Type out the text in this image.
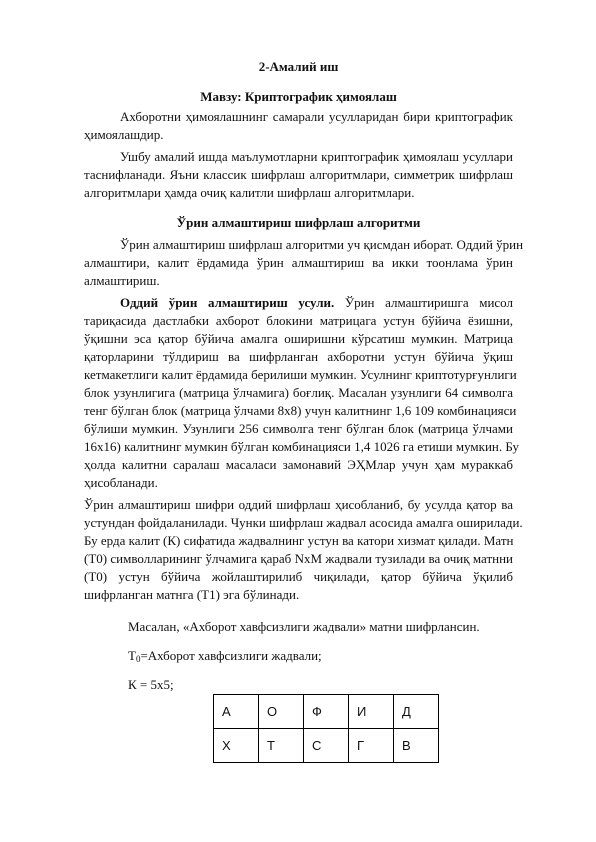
2-Амалий иш
Мавзу: Криптографик ҳимоялаш
Ахборотни ҳимоялашнинг самарали усулларидан бири криптографик
ҳимоялашдир.
Ушбу амалий ишда маълумотларни криптографик ҳимоялаш усуллари
таснифланади. Яъни классик шифрлаш алгоритмлари, симметрик шифрлаш
алгоритмлари ҳамда очиқ калитли шифрлаш алгоритмлари.
Ўрин алмаштириш шифрлаш алгоритми
Ўрин алмаштириш шифрлаш алгоритми уч қисмдан иборат. Оддий ўрин
алмаштири, калит ёрдамида ўрин алмаштириш ва икки тоонлама ўрин
алмаштириш.
Оддий ўрин алмаштириш усули. Ўрин алмаштиришга мисол
тариқасида дастлабки ахборот блокини матрицага устун бўйича ёзишни,
ўқишни эса қатор бўйича амалга оширишни кўрсатиш мумкин. Матрица
қаторларини тўлдириш ва шифрланган ахборотни устун бўйича ўқиш
кетмакетлиги калит ёрдамида берилиши мумкин. Усулнинг криптотурғунлиги
блок узунлигига (матрица ўлчамига) боғлиқ. Масалан узунлиги 64 символга
тенг бўлган блок (матрица ўлчами 8х8) учун калитнинг 1,6 109 комбинацияси
бўлиши мумкин. Узунлиги 256 символга тенг бўлган блок (матрица ўлчами
16х16) калитнинг мумкин бўлган комбинацияси 1,4 1026 га етиши мумкин. Бу
ҳолда калитни саралаш масаласи замонавий ЭҲМлар учун ҳам мураккаб
ҳисобланади.
Ўрин алмаштириш шифри оддий шифрлаш ҳисобланиб, бу усулда қатор ва
устундан фойдаланилади. Чунки шифрлаш жадвал асосида амалга оширилади.
Бу ерда калит (К) сифатида жадвалнинг устун ва катори хизмат қилади. Матн
(Т0) символларининг ўлчамига қараб NxM жадвали тузилади ва очиқ матнни
(Т0) устун бўйича жойлаштирилиб чиқилади, қатор бўйича ўқилиб
шифрланган матнга (Т1) эга бўлинади.
Масалан, «Ахборот хавфсизлиги жадвали» матни шифрлансин.
$Т_0=Ахборот$ хавфсизлиги жадвали;
К = 5х5;
А	О	Ф	И	Д
Х	Т	С	Г	В
